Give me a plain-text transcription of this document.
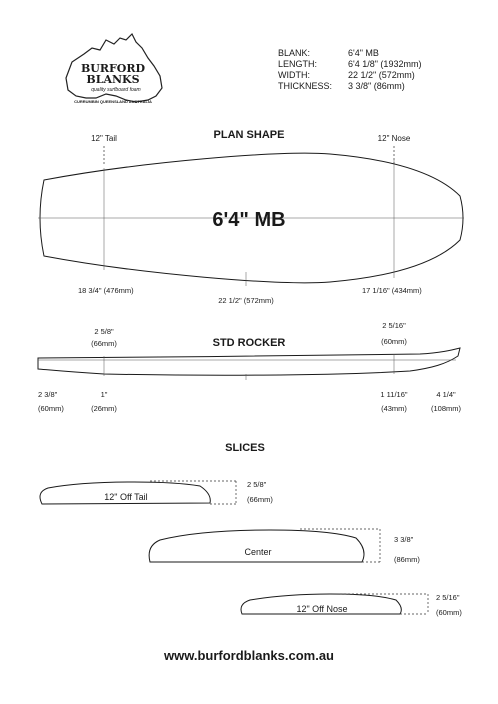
BURFORD
BLANKS
quality surfboard foam
CURRUMBIN QUEENSLAND AUSTRALIA
BLANK:	6'4" MB
LENGTH:	6'4 1/8" (1932mm)
WIDTH:	22 1/2" (572mm)
THICKNESS: 3 3/8" (86mm)
PLAN SHAPE
12" Tail	12" Nose
6'4" MB
18 3/4" (476mm)
22 1/2" (572mm)
17 1/16" (434mm)
STD ROCKER
2 5/8"
(66mm)
2 5/16"
(60mm)
2 3/8"
(60mm)
1"
(26mm)
1 11/16"
(43mm)
4 1/4"
(108mm)
SLICES
12" Off Tail
2 5/8"
(66mm)
Center
3 3/8"
(86mm)
12" Off Nose
2 5/16"
(60mm)
www.burfordblanks.com.au
